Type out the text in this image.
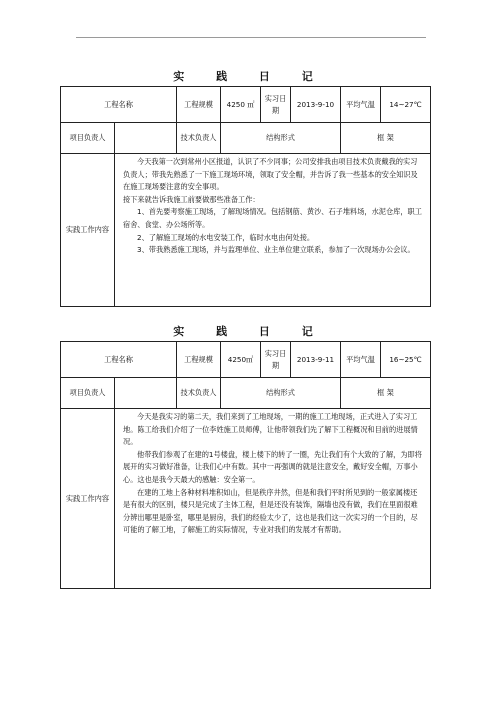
实 践 日 记
工程名称		工程规模	4250 ㎡	实习日期	2013-9-10	平均气温	14~27℃
项目负责人		技术负责人	结构形式			框 架	
实践工作内容	今天我第一次到常州小区报道，认识了不少同事；公司安排我由项目技术负责戴我的实习负责人；带我先熟悉了一下施工现场环境，领取了安全帽，并告诉了我一些基本的安全知识及在施工现场要注意的安全事项。

接下来就告诉我施工前要做那些准备工作：

1、首先要考察施工现场，了解现场情况。包括钢筋、黄沙、石子堆料场，水泥仓库，职工宿舍、食堂、办公场所等。

2、了解施工现场的水电安装工作，临时水电由何处接。

3、带我熟悉施工现场，并与监理单位、业主单位建立联系，参加了一次现场办公会议。						

实 践 日 记
工程名称		工程规模	4250㎡	实习日期	2013-9-11	平均气温	16~25℃
项目负责人		技术负责人	结构形式			框 架	
实践工作内容	今天是我实习的第二天，我们来到了工地现场，一期的施工工地现场，正式进入了实习工地。陈工给我们介绍了一位李姓施工员师傅，让他带领我们先了解下工程概况和目前的进展情况。

他带我们参观了在建的1号楼盘，楼上楼下的转了一圈，先让我们有个大致的了解，为即将展开的实习做好准备，让我们心中有数。其中一再强调的就是注意安全，戴好安全帽，万事小心。这也是我今天最大的感触：安全第一。

在建的工地上各种材料堆积如山，但是秩序井然，但是和我们平时所见到的一般家属楼还是有很大的区别，楼只是完成了主体工程，但是还没有装饰，隔墙也没有做，我们在里面很难分辨出哪里是卧室，哪里是厨房，我们的经验太少了，这也是我们这一次实习的一个目的，尽可能的了解工地，了解施工的实际情况，专业对我们的发展才有帮助。						
